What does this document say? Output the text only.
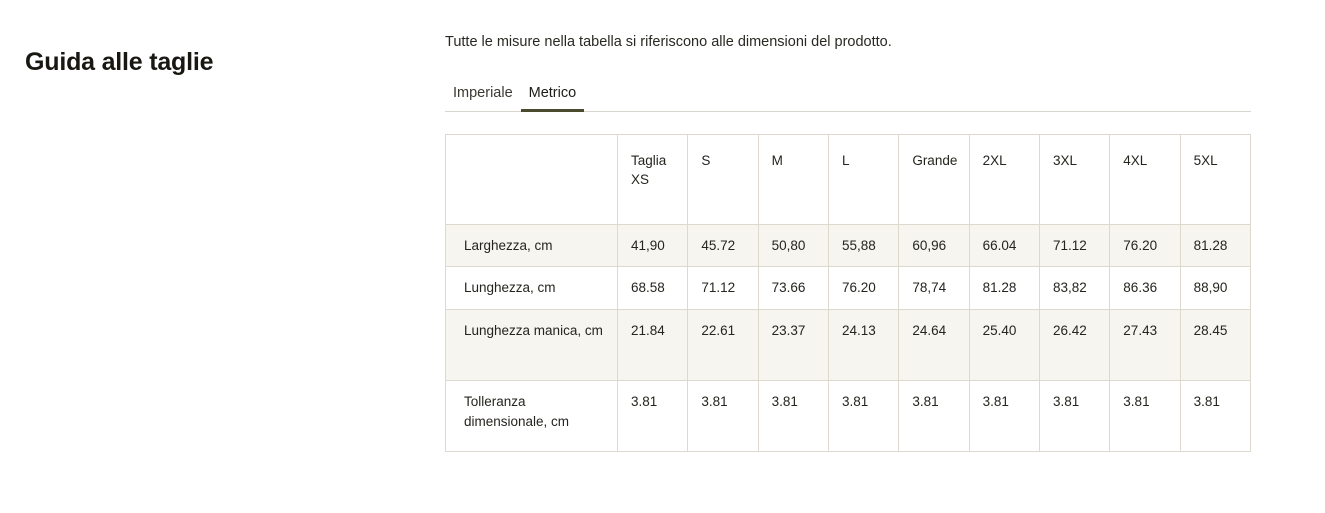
Guida alle taglie

Tutte le misure nella tabella si riferiscono alle dimensioni del prodotto.

Imperiale	Metrico
	Taglia XS	S	M	L	Grande	2XL	3XL	4XL	5XL
Larghezza, cm	41,90	45.72	50,80	55,88	60,96	66.04	71.12	76.20	81.28
Lunghezza, cm	68.58	71.12	73.66	76.20	78,74	81.28	83,82	86.36	88,90
Lunghezza manica, cm	21.84	22.61	23.37	24.13	24.64	25.40	26.42	27.43	28.45
Tolleranza dimensionale, cm	3.81	3.81	3.81	3.81	3.81	3.81	3.81	3.81	3.81
